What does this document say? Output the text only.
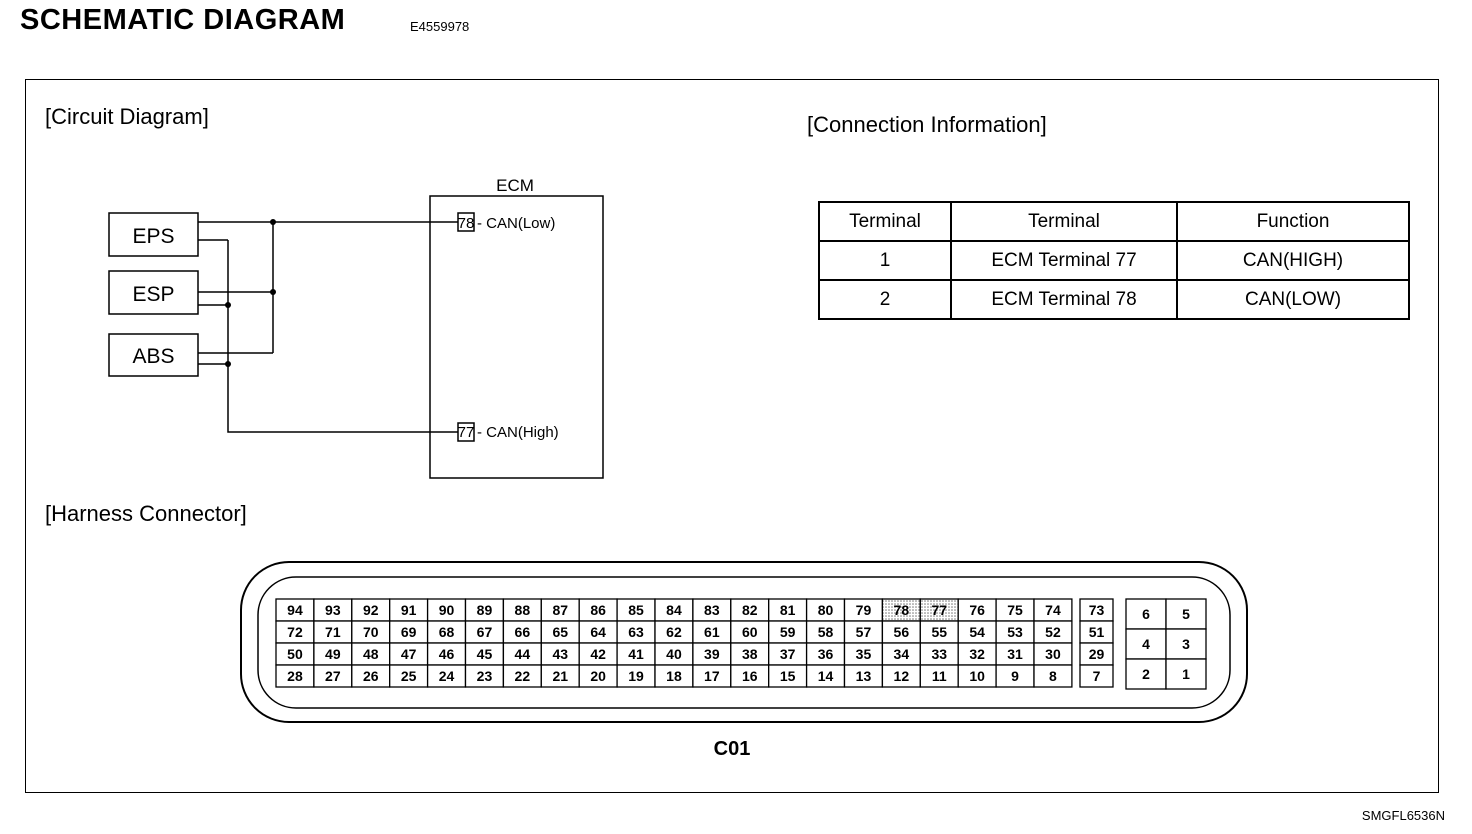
SCHEMATIC DIAGRAM	E4559978
[Circuit Diagram]	[Connection Information]
[Harness Connector]
EPS
ESP
ABS
ECM
78 - CAN(Low)
77 - CAN(High)
Terminal	Terminal	Function
1	ECM Terminal 77	CAN(HIGH)
2	ECM Terminal 78	CAN(LOW)
94 93 92 91 90 89 88 87 86 85 84 83 82 81 80 79 78 77 76 75 74
72 71 70 69 68 67 66 65 64 63 62 61 60 59 58 57 56 55 54 53 52
50 49 48 47 46 45 44 43 42 41 40 39 38 37 36 35 34 33 32 31 30
28 27 26 25 24 23 22 21 20 19 18 17 16 15 14 13 12 11 10 9 8
73
51
29
7
6 5
4 3
2 1
C01
SMGFL6536N
